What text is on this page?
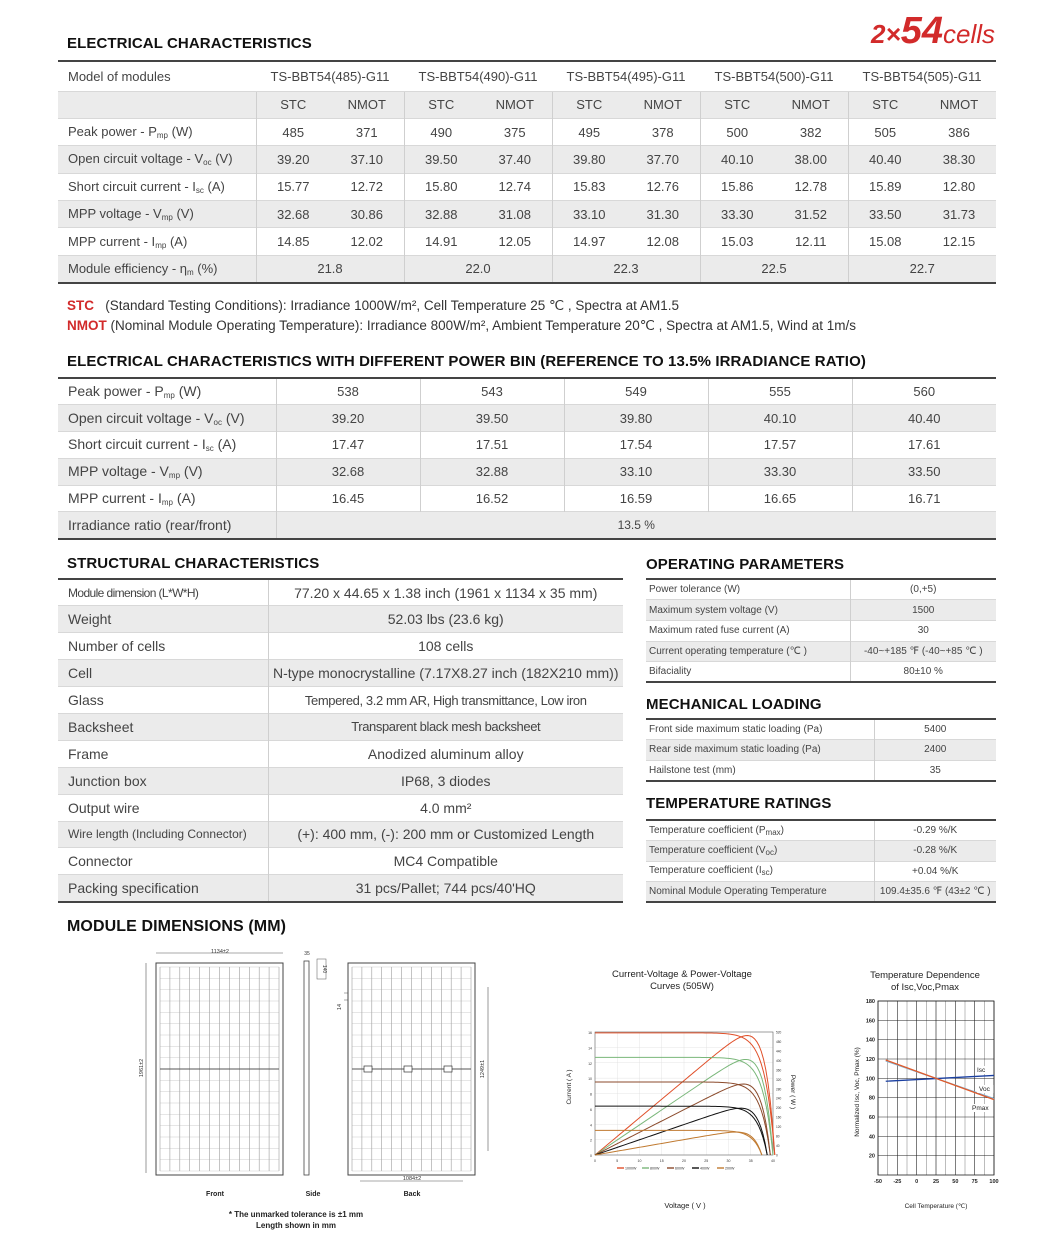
2×54cells
ELECTRICAL CHARACTERISTICS
Model of modules	TS-BBT54(485)-G11		TS-BBT54(490)-G11		TS-BBT54(495)-G11		TS-BBT54(500)-G11		TS-BBT54(505)-G11	
	STC	NMOT	STC	NMOT	STC	NMOT	STC	NMOT	STC	NMOT
Peak power - $P_{mp}$ (W)	485	371	490	375	495	378	500	382	505	386
Open circuit voltage - $V_{oc}$ (V)	39.20	37.10	39.50	37.40	39.80	37.70	40.10	38.00	40.40	38.30
Short circuit current - $I_{sc}$ (A)	15.77	12.72	15.80	12.74	15.83	12.76	15.86	12.78	15.89	12.80
MPP voltage - $V_{mp}$ (V)	32.68	30.86	32.88	31.08	33.10	31.30	33.30	31.52	33.50	31.73
MPP current - $I_{mp}$ (A)	14.85	12.02	14.91	12.05	14.97	12.08	15.03	12.11	15.08	12.15
Module efficiency - $\eta_m$ (%)	21.8		22.0		22.3		22.5		22.7	
STC (Standard Testing Conditions): Irradiance 1000W/m², Cell Temperature 25 ℃ , Spectra at AM1.5
NMOT (Nominal Module Operating Temperature): Irradiance 800W/m², Ambient Temperature 20℃ , Spectra at AM1.5, Wind at 1m/s
ELECTRICAL CHARACTERISTICS WITH DIFFERENT POWER BIN (REFERENCE TO 13.5% IRRADIANCE RATIO)
Peak power - $P_{mp}$ (W)	538	543	549	555	560
Open circuit voltage - $V_{oc}$ (V)	39.20	39.50	39.80	40.10	40.40
Short circuit current - $I_{sc}$ (A)	17.47	17.51	17.54	17.57	17.61
MPP voltage - $V_{mp}$ (V)	32.68	32.88	33.10	33.30	33.50
MPP current - $I_{mp}$ (A)	16.45	16.52	16.59	16.65	16.71
Irradiance ratio (rear/front)	13.5 %				
STRUCTURAL CHARACTERISTICS
Module dimension (L*W*H)	77.20 x 44.65 x 1.38 inch (1961 x 1134 x 35 mm)
Weight	52.03 lbs (23.6 kg)
Number of cells	108 cells
Cell	N-type monocrystalline (7.17X8.27 inch (182X210 mm))
Glass	Tempered, 3.2 mm AR, High transmittance, Low iron
Backsheet	Transparent black mesh backsheet
Frame	Anodized aluminum alloy
Junction box	IP68, 3 diodes
Output wire	4.0 mm²
Wire length (Including Connector)	(+): 400 mm, (-): 200 mm or Customized Length
Connector	MC4 Compatible
Packing specification	31 pcs/Pallet; 744 pcs/40'HQ
OPERATING PARAMETERS
Power tolerance (W)	(0,+5)
Maximum system voltage (V)	1500
Maximum rated fuse current (A)	30
Current operating temperature (℃ )	-40~+185 ℉ (-40~+85 ℃ )
Bifaciality	80±10 %
MECHANICAL LOADING
Front side maximum static loading (Pa)	5400
Rear side maximum static loading (Pa)	2400
Hailstone test (mm)	35
TEMPERATURE RATINGS
Temperature coefficient $(P_{max})$	-0.29 %/K
Temperature coefficient $(V_{oc})$	-0.28 %/K
Temperature coefficient $(I_{sc})$	+0.04 %/K
Nominal Module Operating Temperature	109.4±35.6 ℉ (43±2 ℃ )
MODULE DIMENSIONS (MM)
1134±2
1961±2
Front
35
140
14
Side
1084±2
1249±1
Back
* The unmarked tolerance is ±1 mm
Length shown in mm
Current-Voltage & Power-Voltage
Curves (505W)
0
2
4
6
8
10
12
14
16
0	5	10	15	20	25	30	35	40
0
40
80
120
160
200
240
280
320
360
400
440
480
520
1000W	800W	600W	400W	200W
Voltage ( V )
Current ( A )	Power ( W )
Temperature Dependence
of Isc,Voc,Pmax
20
40
60
80
100
120
140
160
180
-50 -25	0	25 50 75 100
Isc
Voc
Pmax
Cell Temperature (℃)
Normalized Isc, Voc, Pmax (%)
